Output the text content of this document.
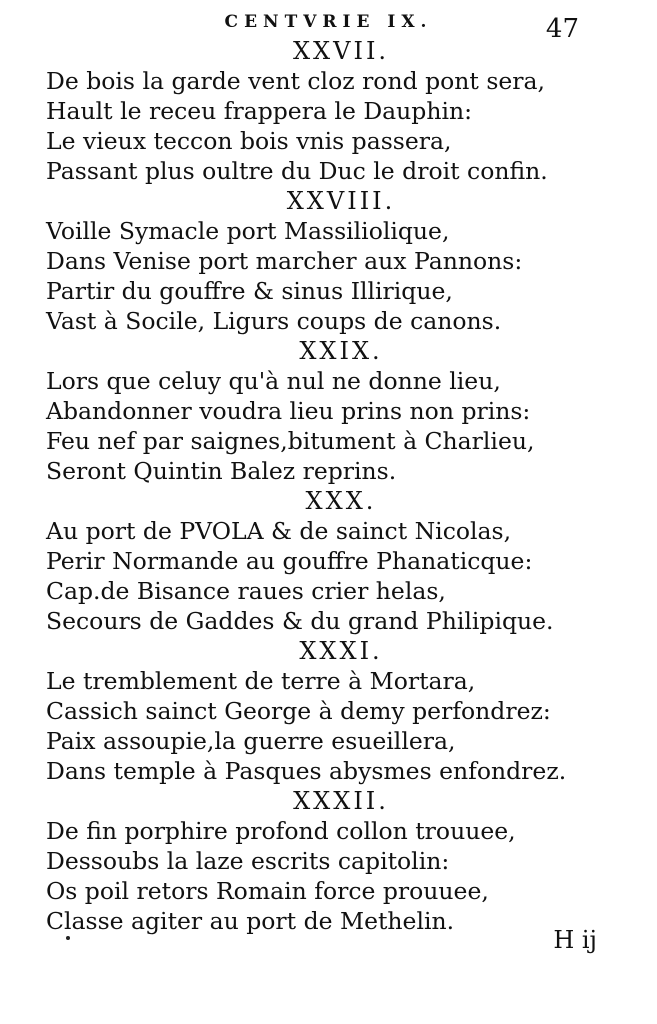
CENTVRIE IX.	47
XXVII.
De bois la garde vent cloz rond pont sera,
Hault le receu frappera le Dauphin:
Le vieux teccon bois vnis passera,
Passant plus oultre du Duc le droit confin.
XXVIII.
Voille Symacle port Massiliolique,
Dans Venise port marcher aux Pannons:
Partir du gouffre & sinus Illirique,
Vast à Socile, Ligurs coups de canons.
XXIX.
Lors que celuy qu'à nul ne donne lieu,
Abandonner voudra lieu prins non prins:
Feu nef par saignes,bitument à Charlieu,
Seront Quintin Balez reprins.
XXX.
Au port de PVOLA & de sainct Nicolas,
Perir Normande au gouffre Phanaticque:
Cap.de Bisance raues crier helas,
Secours de Gaddes & du grand Philipique.
XXXI.
Le tremblement de terre à Mortara,
Cassich sainct George à demy perfondrez:
Paix assoupie,la guerre esueillera,
Dans temple à Pasques abysmes enfondrez.
XXXII.
De fin porphire profond collon trouuee,
Dessoubs la laze escrits capitolin:
Os poil retors Romain force prouuee,
Classe agiter au port de Methelin.
H ij
